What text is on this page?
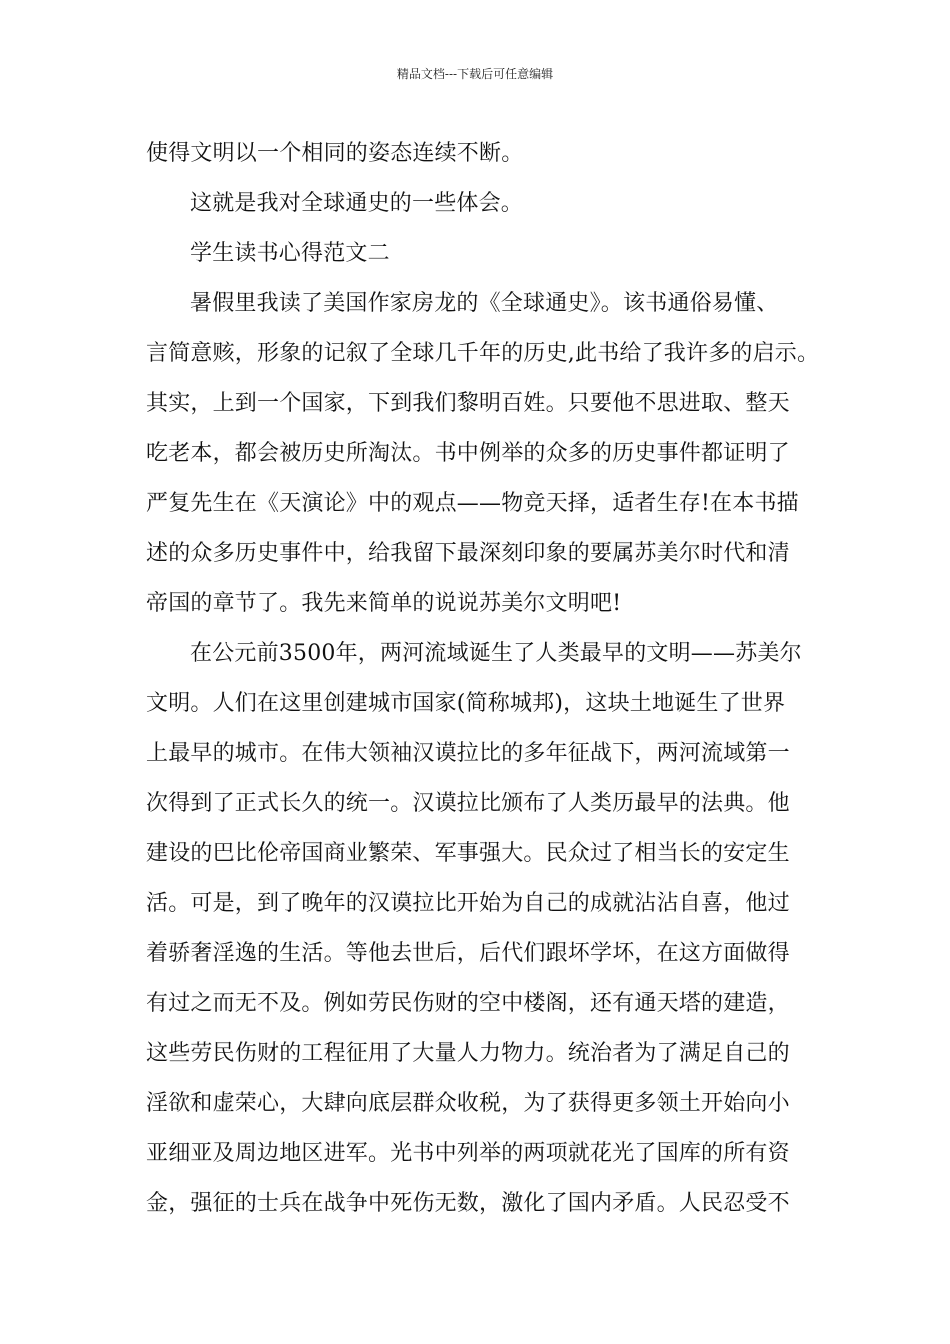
精品文档---下载后可任意编辑
使得文明以一个相同的姿态连续不断。
这就是我对全球通史的一些体会。
学生读书心得范文二
暑假里我读了美国作家房龙的《全球通史》。该书通俗易懂、
言简意赅，形象的记叙了全球几千年的历史,此书给了我许多的启示。
其实，上到一个国家，下到我们黎明百姓。只要他不思进取、整天
吃老本，都会被历史所淘汰。书中例举的众多的历史事件都证明了
严复先生在《天演论》中的观点——物竞天择，适者生存!在本书描
述的众多历史事件中，给我留下最深刻印象的要属苏美尔时代和清
帝国的章节了。我先来简单的说说苏美尔文明吧!
在公元前3500年，两河流域诞生了人类最早的文明——苏美尔
文明。人们在这里创建城市国家(简称城邦)，这块土地诞生了世界
上最早的城市。在伟大领袖汉谟拉比的多年征战下，两河流域第一
次得到了正式长久的统一。汉谟拉比颁布了人类历最早的法典。他
建设的巴比伦帝国商业繁荣、军事强大。民众过了相当长的安定生
活。可是，到了晚年的汉谟拉比开始为自己的成就沾沾自喜，他过
着骄奢淫逸的生活。等他去世后，后代们跟坏学坏，在这方面做得
有过之而无不及。例如劳民伤财的空中楼阁，还有通天塔的建造，
这些劳民伤财的工程征用了大量人力物力。统治者为了满足自己的
淫欲和虚荣心，大肆向底层群众收税，为了获得更多领土开始向小
亚细亚及周边地区进军。光书中列举的两项就花光了国库的所有资
金，强征的士兵在战争中死伤无数，激化了国内矛盾。人民忍受不
